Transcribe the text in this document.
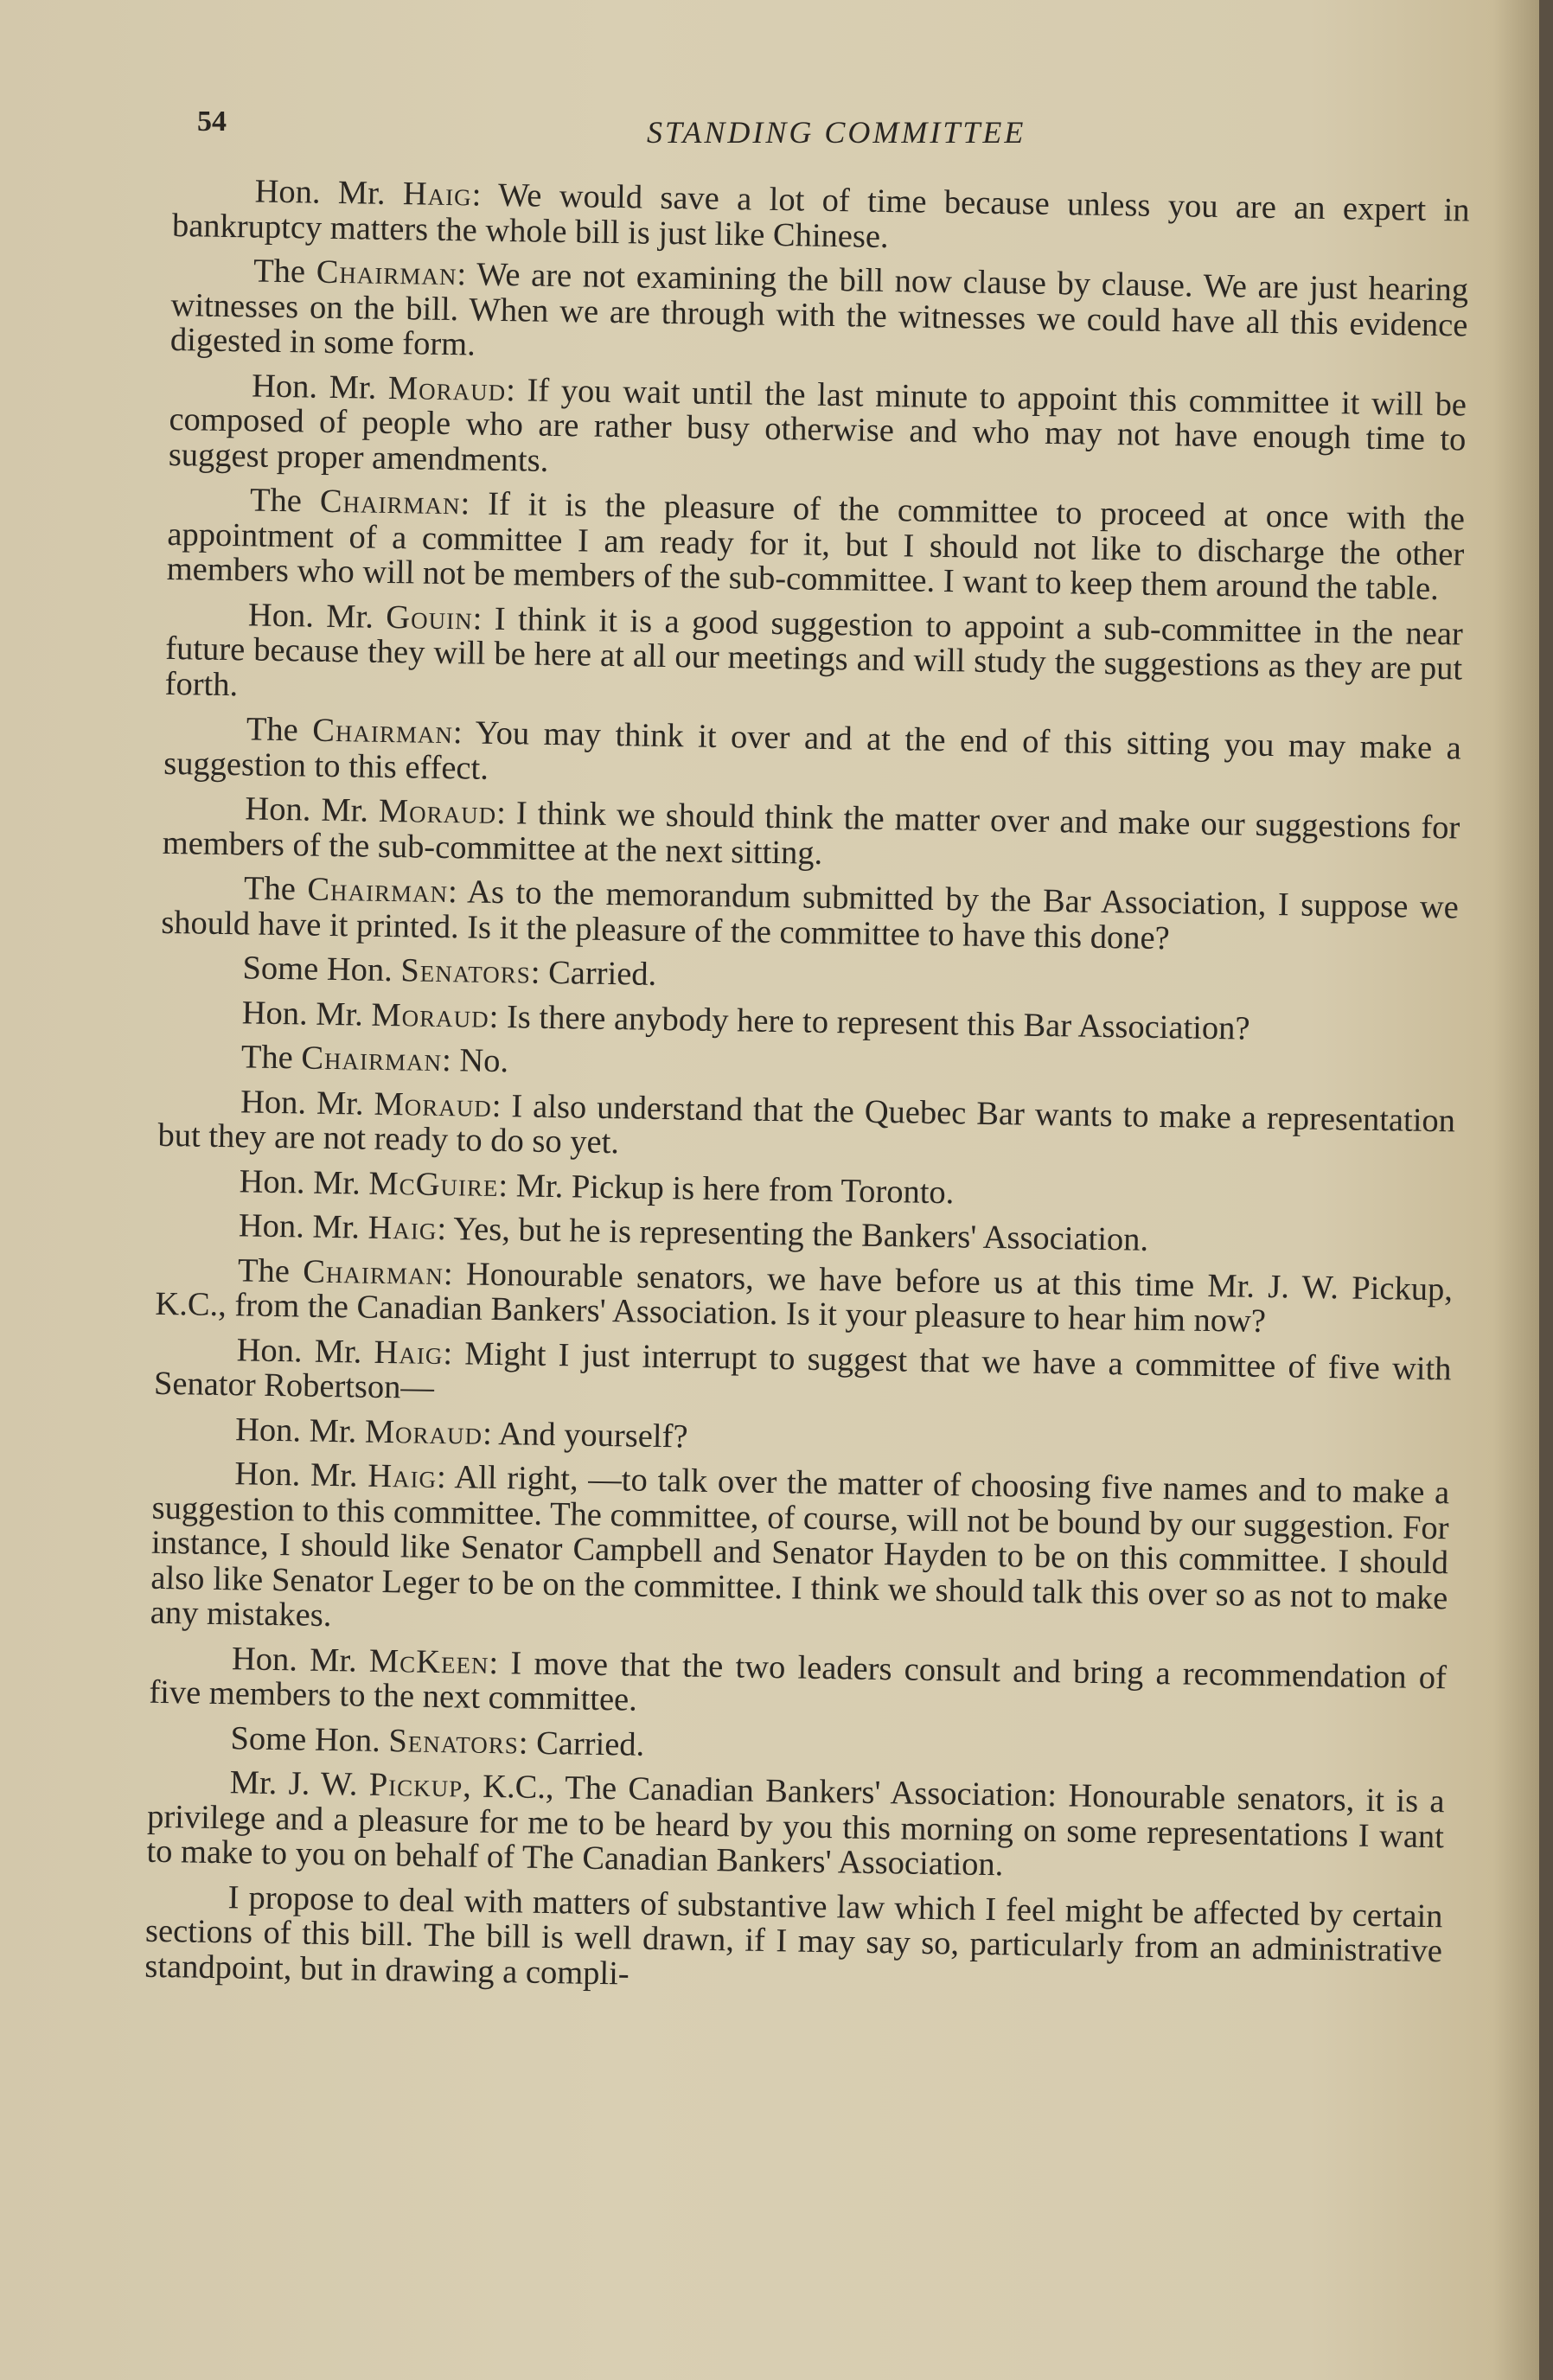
54	STANDING COMMITTEE

Hon. Mr. Haig: We would save a lot of time because unless you are an expert in bankruptcy matters the whole bill is just like Chinese.

The Chairman: We are not examining the bill now clause by clause. We are just hearing witnesses on the bill. When we are through with the witnesses we could have all this evidence digested in some form.

Hon. Mr. Moraud: If you wait until the last minute to appoint this committee it will be composed of people who are rather busy otherwise and who may not have enough time to suggest proper amendments.

The Chairman: If it is the pleasure of the committee to proceed at once with the appointment of a committee I am ready for it, but I should not like to discharge the other members who will not be members of the sub-committee. I want to keep them around the table.

Hon. Mr. Gouin: I think it is a good suggestion to appoint a sub-committee in the near future because they will be here at all our meetings and will study the suggestions as they are put forth.

The Chairman: You may think it over and at the end of this sitting you may make a suggestion to this effect.

Hon. Mr. Moraud: I think we should think the matter over and make our suggestions for members of the sub-committee at the next sitting.

The Chairman: As to the memorandum submitted by the Bar Association, I suppose we should have it printed. Is it the pleasure of the committee to have this done?

Some Hon. Senators: Carried.

Hon. Mr. Moraud: Is there anybody here to represent this Bar Association?

The Chairman: No.

Hon. Mr. Moraud: I also understand that the Quebec Bar wants to make a representation but they are not ready to do so yet.

Hon. Mr. McGuire: Mr. Pickup is here from Toronto.

Hon. Mr. Haig: Yes, but he is representing the Bankers' Association.

The Chairman: Honourable senators, we have before us at this time Mr. J. W. Pickup, K.C., from the Canadian Bankers' Association. Is it your pleasure to hear him now?

Hon. Mr. Haig: Might I just interrupt to suggest that we have a committee of five with Senator Robertson—

Hon. Mr. Moraud: And yourself?

Hon. Mr. Haig: All right, —to talk over the matter of choosing five names and to make a suggestion to this committee. The committee, of course, will not be bound by our suggestion. For instance, I should like Senator Campbell and Senator Hayden to be on this committee. I should also like Senator Leger to be on the committee. I think we should talk this over so as not to make any mistakes.

Hon. Mr. McKeen: I move that the two leaders consult and bring a recommendation of five members to the next committee.

Some Hon. Senators: Carried.

Mr. J. W. Pickup, K.C., The Canadian Bankers' Association: Honourable senators, it is a privilege and a pleasure for me to be heard by you this morning on some representations I want to make to you on behalf of The Canadian Bankers' Association.

I propose to deal with matters of substantive law which I feel might be affected by certain sections of this bill. The bill is well drawn, if I may say so, particularly from an administrative standpoint, but in drawing a compli-
